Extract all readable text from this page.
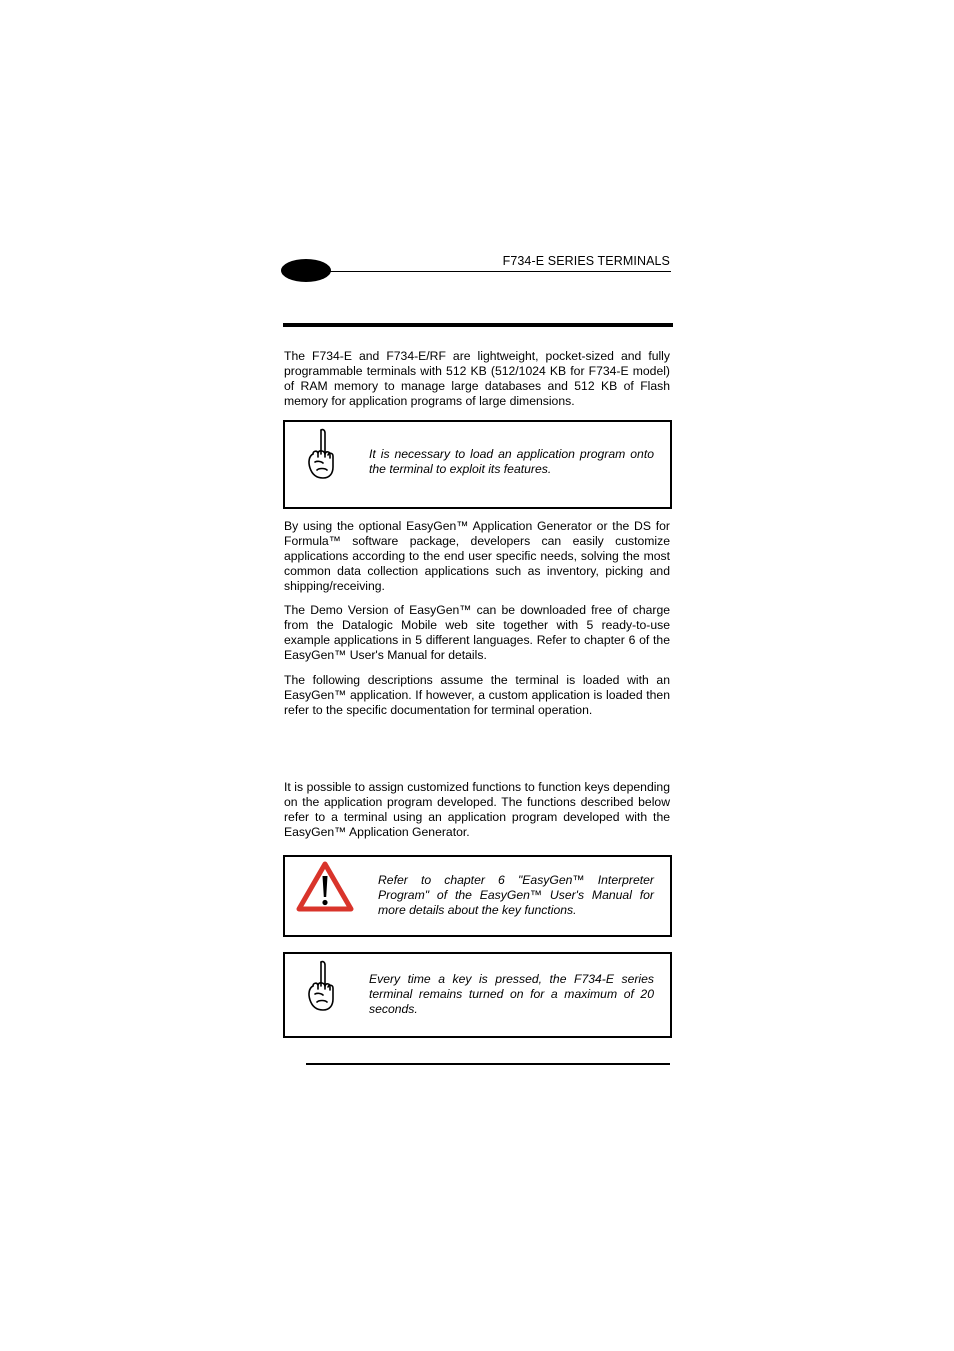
F734-E SERIES TERMINALS

The F734-E and F734-E/RF are lightweight, pocket-sized and fully programmable terminals with 512 KB (512/1024 KB for F734-E model) of RAM memory to manage large databases and 512 KB of Flash memory for application programs of large dimensions.

It is necessary to load an application program onto the terminal to exploit its features.

By using the optional EasyGen™ Application Generator or the DS for Formula™ software package, developers can easily customize applications according to the end user specific needs, solving the most common data collection applications such as inventory, picking and shipping/receiving.

The Demo Version of EasyGen™ can be downloaded free of charge from the Datalogic Mobile web site together with 5 ready-to-use example applications in 5 different languages. Refer to chapter 6 of the EasyGen™ User's Manual for details.

The following descriptions assume the terminal is loaded with an EasyGen™ application. If however, a custom application is loaded then refer to the specific documentation for terminal operation.

It is possible to assign customized functions to function keys depending on the application program developed. The functions described below refer to a terminal using an application program developed with the EasyGen™ Application Generator.

Refer to chapter 6 "EasyGen™ Interpreter Program" of the EasyGen™ User's Manual for more details about the key functions.

Every time a key is pressed, the F734-E series terminal remains turned on for a maximum of 20 seconds.
